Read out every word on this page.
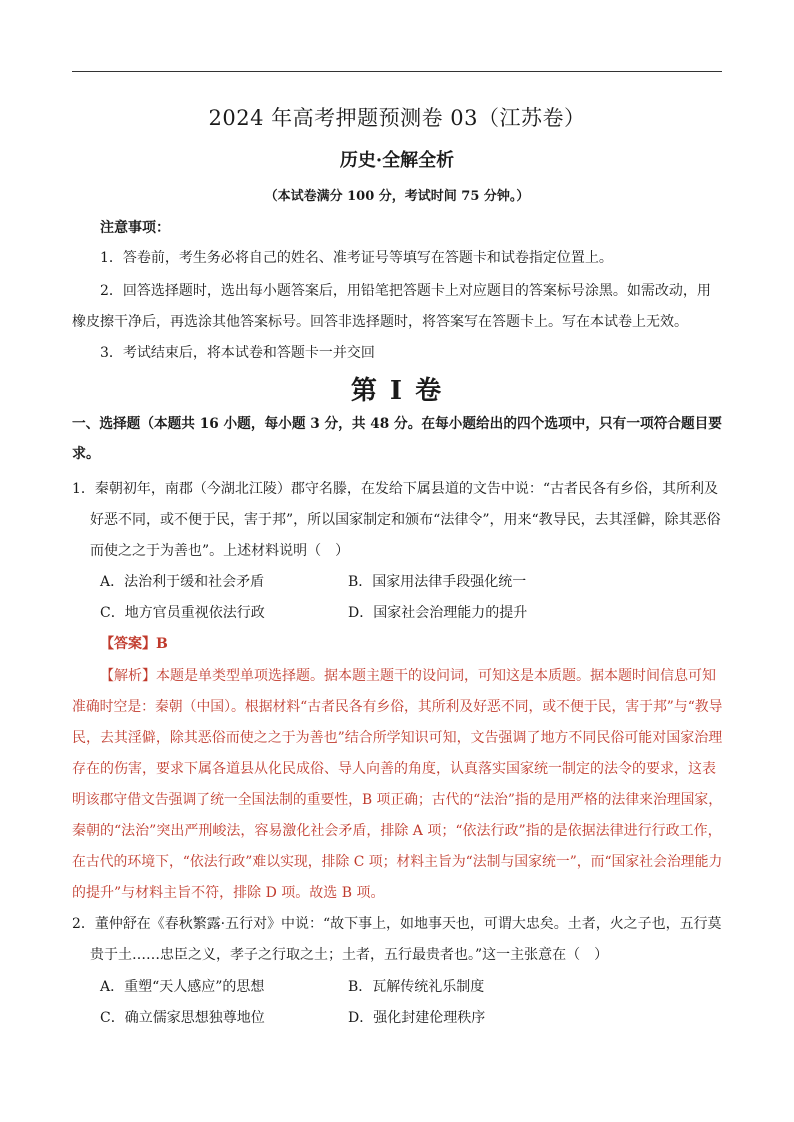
2024 年高考押题预测卷 03（江苏卷）
历史·全解全析
（本试卷满分 100 分，考试时间 75 分钟。）
注意事项：
1．答卷前，考生务必将自己的姓名、准考证号等填写在答题卡和试卷指定位置上。
2．回答选择题时，选出每小题答案后，用铅笔把答题卡上对应题目的答案标号涂黑。如需改动，用
橡皮擦干净后，再选涂其他答案标号。回答非选择题时，将答案写在答题卡上。写在本试卷上无效。
3．考试结束后，将本试卷和答题卡一并交回
第 I 卷
一、选择题（本题共 16 小题，每小题 3 分，共 48 分。在每小题给出的四个选项中，只有一项符合题目要
求。
1．秦朝初年，南郡（今湖北江陵）郡守名滕，在发给下属县道的文告中说：“古者民各有乡俗，其所利及
好恶不同，或不便于民，害于邦”，所以国家制定和颁布“法律令”，用来“教导民，去其淫僻，除其恶俗
而使之之于为善也”。上述材料说明（　）
A．法治利于缓和社会矛盾	B．国家用法律手段强化统一
C．地方官员重视依法行政	D．国家社会治理能力的提升
【答案】B
【解析】本题是单类型单项选择题。据本题主题干的设问词，可知这是本质题。据本题时间信息可知
准确时空是：秦朝（中国）。根据材料“古者民各有乡俗，其所利及好恶不同，或不便于民，害于邦”与“教导
民，去其淫僻，除其恶俗而使之之于为善也”结合所学知识可知，文告强调了地方不同民俗可能对国家治理
存在的伤害，要求下属各道县从化民成俗、导人向善的角度，认真落实国家统一制定的法令的要求，这表
明该郡守借文告强调了统一全国法制的重要性，B 项正确；古代的“法治”指的是用严格的法律来治理国家，
秦朝的“法治”突出严刑峻法，容易激化社会矛盾，排除 A 项；“依法行政”指的是依据法律进行行政工作，
在古代的环境下，“依法行政”难以实现，排除 C 项；材料主旨为“法制与国家统一”，而“国家社会治理能力
的提升”与材料主旨不符，排除 D 项。故选 B 项。
2．董仲舒在《春秋繁露·五行对》中说：“故下事上，如地事天也，可谓大忠矣。土者，火之子也，五行莫
贵于土……忠臣之义，孝子之行取之土；土者，五行最贵者也。”这一主张意在（　）
A．重塑“天人感应”的思想	B．瓦解传统礼乐制度
C．确立儒家思想独尊地位	D．强化封建伦理秩序
